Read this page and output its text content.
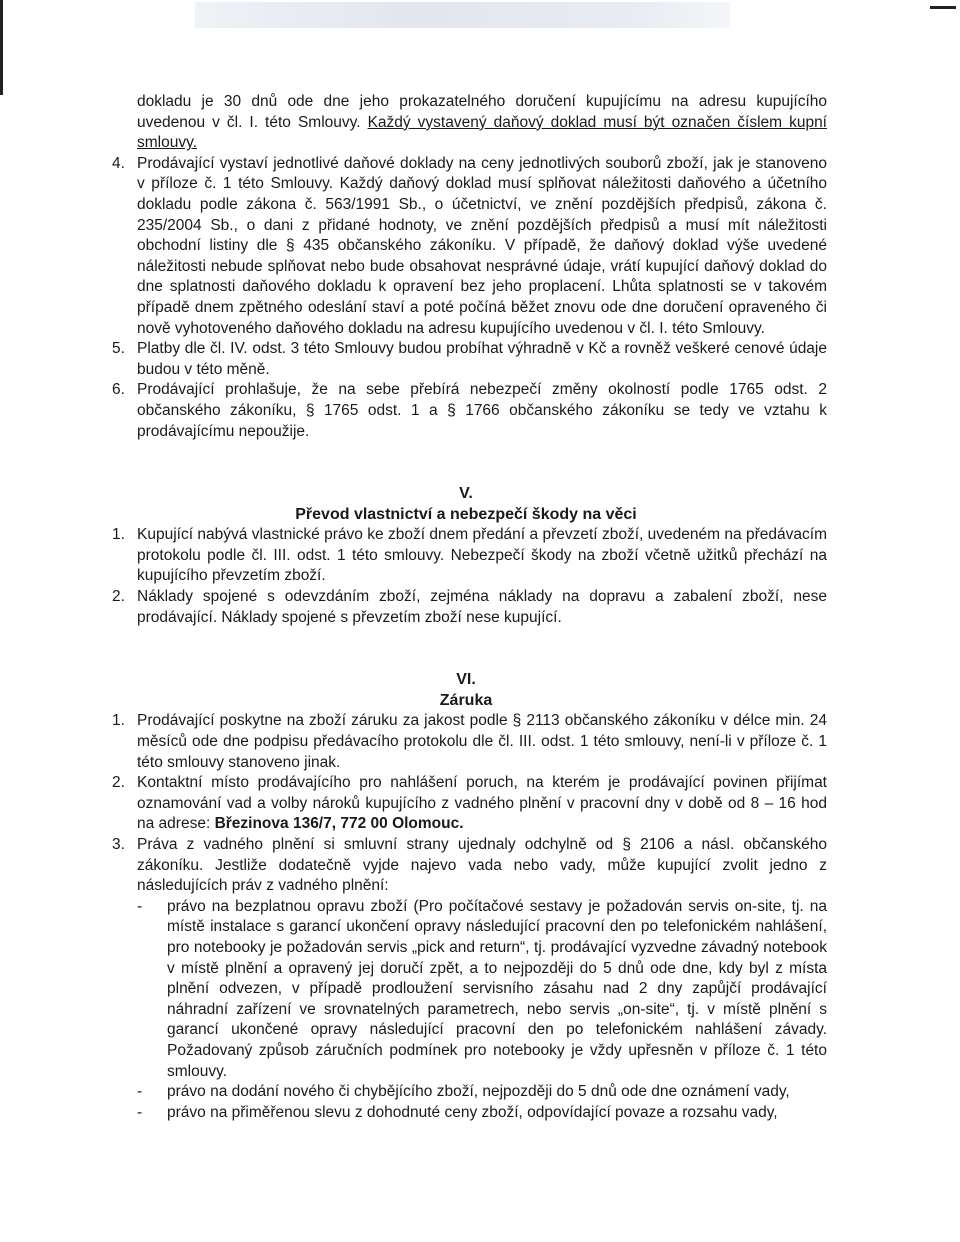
dokladu je 30 dnů ode dne jeho prokazatelného doručení kupujícímu na adresu kupujícího uvedenou v čl. I. této Smlouvy. Každý vystavený daňový doklad musí být označen číslem kupní smlouvy.

4. Prodávající vystaví jednotlivé daňové doklady na ceny jednotlivých souborů zboží, jak je stanoveno v příloze č. 1 této Smlouvy. Každý daňový doklad musí splňovat náležitosti daňového a účetního dokladu podle zákona č. 563/1991 Sb., o účetnictví, ve znění pozdějších předpisů, zákona č. 235/2004 Sb., o dani z přidané hodnoty, ve znění pozdějších předpisů a musí mít náležitosti obchodní listiny dle § 435 občanského zákoníku. V případě, že daňový doklad výše uvedené náležitosti nebude splňovat nebo bude obsahovat nesprávné údaje, vrátí kupující daňový doklad do dne splatnosti daňového dokladu k opravení bez jeho proplacení. Lhůta splatnosti se v takovém případě dnem zpětného odeslání staví a poté počíná běžet znovu ode dne doručení opraveného či nově vyhotoveného daňového dokladu na adresu kupujícího uvedenou v čl. I. této Smlouvy.
5. Platby dle čl. IV. odst. 3 této Smlouvy budou probíhat výhradně v Kč a rovněž veškeré cenové údaje budou v této měně.
6. Prodávající prohlašuje, že na sebe přebírá nebezpečí změny okolností podle 1765 odst. 2 občanského zákoníku, § 1765 odst. 1 a § 1766 občanského zákoníku se tedy ve vztahu k prodávajícímu nepoužije.

V.

Převod vlastnictví a nebezpečí škody na věci

1. Kupující nabývá vlastnické právo ke zboží dnem předání a převzetí zboží, uvedeném na předávacím protokolu podle čl. III. odst. 1 této smlouvy. Nebezpečí škody na zboží včetně užitků přechází na kupujícího převzetím zboží.
2. Náklady spojené s odevzdáním zboží, zejména náklady na dopravu a zabalení zboží, nese prodávající. Náklady spojené s převzetím zboží nese kupující.

VI.

Záruka

1. Prodávající poskytne na zboží záruku za jakost podle § 2113 občanského zákoníku v délce min. 24 měsíců ode dne podpisu předávacího protokolu dle čl. III. odst. 1 této smlouvy, není-li v příloze č. 1 této smlouvy stanoveno jinak.
2. Kontaktní místo prodávajícího pro nahlášení poruch, na kterém je prodávající povinen přijímat oznamování vad a volby nároků kupujícího z vadného plnění v pracovní dny v době od 8 – 16 hod na adrese: Březinova 136/7, 772 00 Olomouc.
3. Práva z vadného plnění si smluvní strany ujednaly odchylně od § 2106 a násl. občanského zákoníku. Jestliže dodatečně vyjde najevo vada nebo vady, může kupující zvolit jedno z následujících práv z vadného plnění:
-	právo na bezplatnou opravu zboží (Pro počítačové sestavy je požadován servis on-site, tj. na místě instalace s garancí ukončení opravy následující pracovní den po telefonickém nahlášení, pro notebooky je požadován servis „pick and return“, tj. prodávající vyzvedne závadný notebook v místě plnění a opravený jej doručí zpět, a to nejpozději do 5 dnů ode dne, kdy byl z místa plnění odvezen, v případě prodloužení servisního zásahu nad 2 dny zapůjčí prodávající náhradní zařízení ve srovnatelných parametrech, nebo servis „on-site“, tj. v místě plnění s garancí ukončené opravy následující pracovní den po telefonickém nahlášení závady. Požadovaný způsob záručních podmínek pro notebooky je vždy upřesněn v příloze č. 1 této smlouvy.
-	právo na dodání nového či chybějícího zboží, nejpozději do 5 dnů ode dne oznámení vady,
-	právo na přiměřenou slevu z dohodnuté ceny zboží, odpovídající povaze a rozsahu vady,
